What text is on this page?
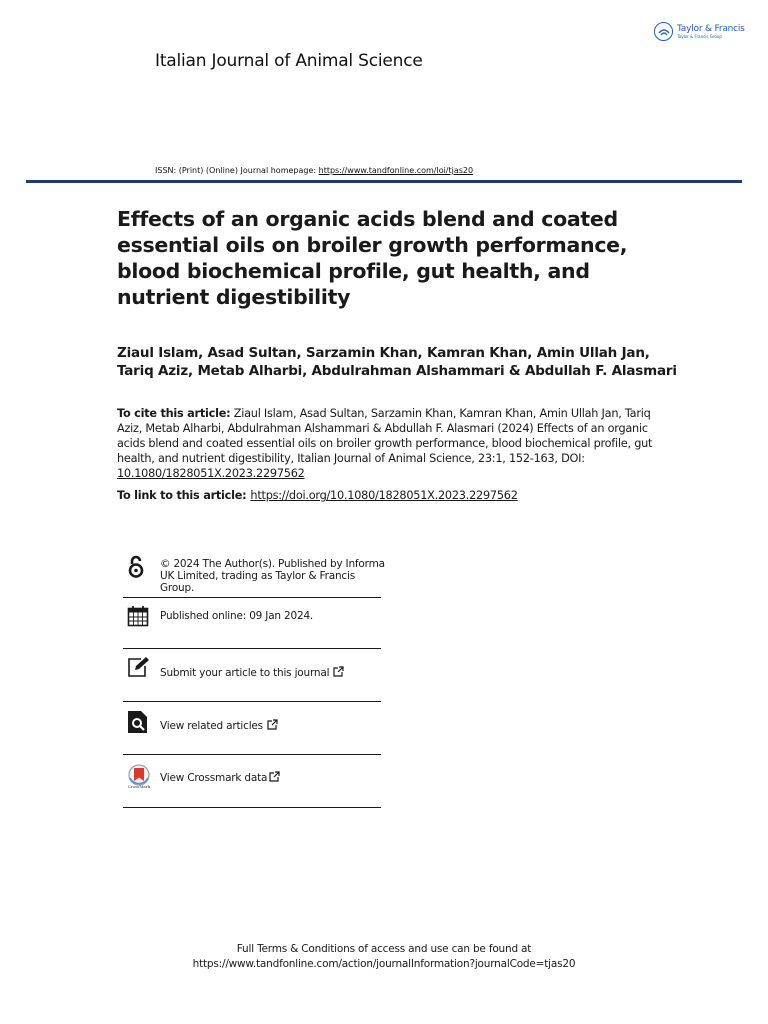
Taylor & Francis
Taylor & Francis Group
Italian Journal of Animal Science
ISSN: (Print) (Online) Journal homepage: https://www.tandfonline.com/loi/tjas20
Effects of an organic acids blend and coated essential oils on broiler growth performance, blood biochemical profile, gut health, and nutrient digestibility
Ziaul Islam, Asad Sultan, Sarzamin Khan, Kamran Khan, Amin Ullah Jan, Tariq Aziz, Metab Alharbi, Abdulrahman Alshammari & Abdullah F. Alasmari
To cite this article: Ziaul Islam, Asad Sultan, Sarzamin Khan, Kamran Khan, Amin Ullah Jan, Tariq Aziz, Metab Alharbi, Abdulrahman Alshammari & Abdullah F. Alasmari (2024) Effects of an organic acids blend and coated essential oils on broiler growth performance, blood biochemical profile, gut health, and nutrient digestibility, Italian Journal of Animal Science, 23:1, 152-163, DOI: 10.1080/1828051X.2023.2297562
To link to this article: https://doi.org/10.1080/1828051X.2023.2297562
© 2024 The Author(s). Published by Informa UK Limited, trading as Taylor & Francis Group.
Published online: 09 Jan 2024.
Submit your article to this journal
View related articles
CrossMark
View Crossmark data
Full Terms & Conditions of access and use can be found at
https://www.tandfonline.com/action/journalInformation?journalCode=tjas20
